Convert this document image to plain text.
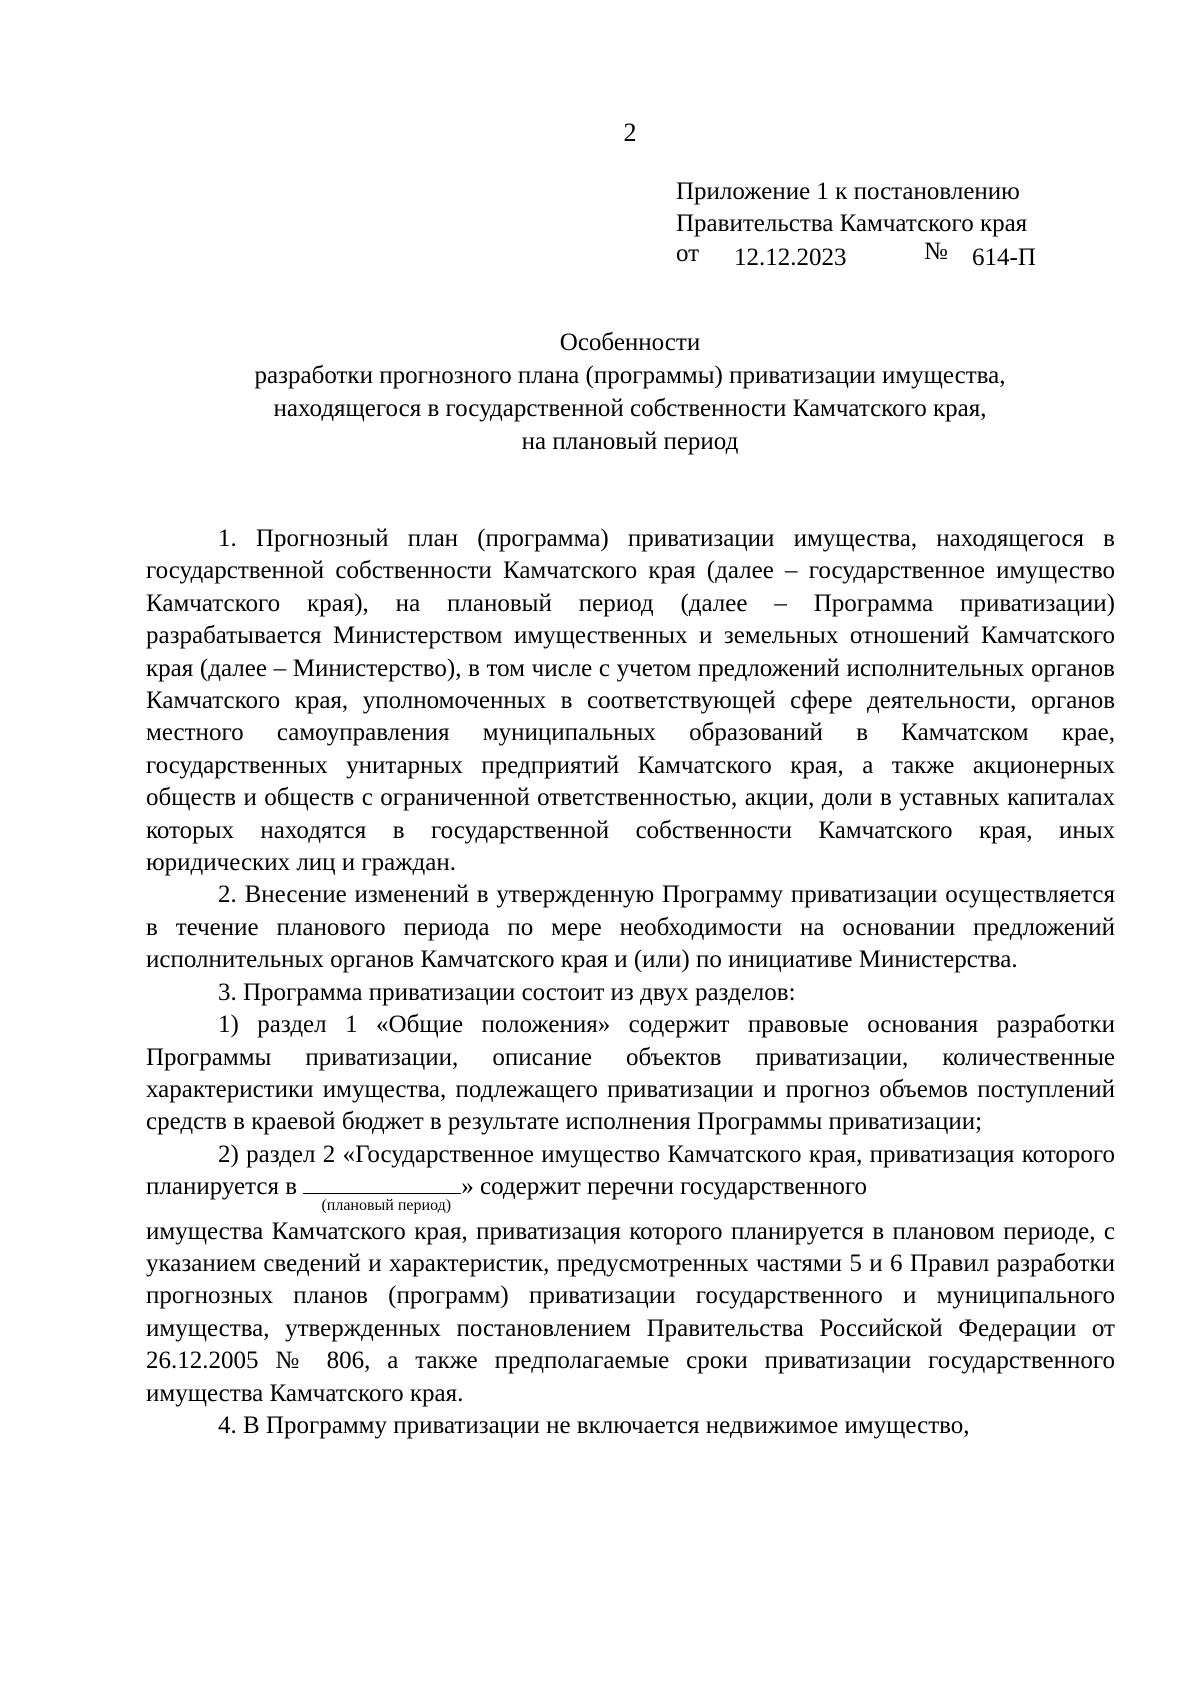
2
Приложение 1 к постановлению
Правительства Камчатского края
от 12.12.2023	№ 614-П
Особенности
разработки прогнозного плана (программы) приватизации имущества,
находящегося в государственной собственности Камчатского края,
на плановый период

1. Прогнозный план (программа) приватизации имущества, находящегося в государственной собственности Камчатского края (далее – государственное имущество Камчатского края), на плановый период (далее – Программа приватизации) разрабатывается Министерством имущественных и земельных отношений Камчатского края (далее – Министерство), в том числе с учетом предложений исполнительных органов Камчатского края, уполномоченных в соответствующей сфере деятельности, органов местного самоуправления муниципальных образований в Камчатском крае, государственных унитарных предприятий Камчатского края, а также акционерных обществ и обществ с ограниченной ответственностью, акции, доли в уставных капиталах которых находятся в государственной собственности Камчатского края, иных юридических лиц и граждан.

2. Внесение изменений в утвержденную Программу приватизации осуществляется в течение планового периода по мере необходимости на основании предложений исполнительных органов Камчатского края и (или) по инициативе Министерства.

3. Программа приватизации состоит из двух разделов:

1) раздел 1 «Общие положения» содержит правовые основания разработки Программы приватизации, описание объектов приватизации, количественные характеристики имущества, подлежащего приватизации и прогноз объемов поступлений средств в краевой бюджет в результате исполнения Программы приватизации;

2) раздел 2 «Государственное имущество Камчатского края, приватизация которого планируется в
(плановый период)
» содержит перечни государственного
имущества Камчатского края, приватизация которого планируется в плановом периоде, с указанием сведений и характеристик, предусмотренных частями 5 и 6 Правил разработки прогнозных планов (программ) приватизации государственного и муниципального имущества, утвержденных постановлением Правительства Российской Федерации от 26.12.2005 № 806, а также предполагаемые сроки приватизации государственного имущества Камчатского края.

4. В Программу приватизации не включается недвижимое имущество,
